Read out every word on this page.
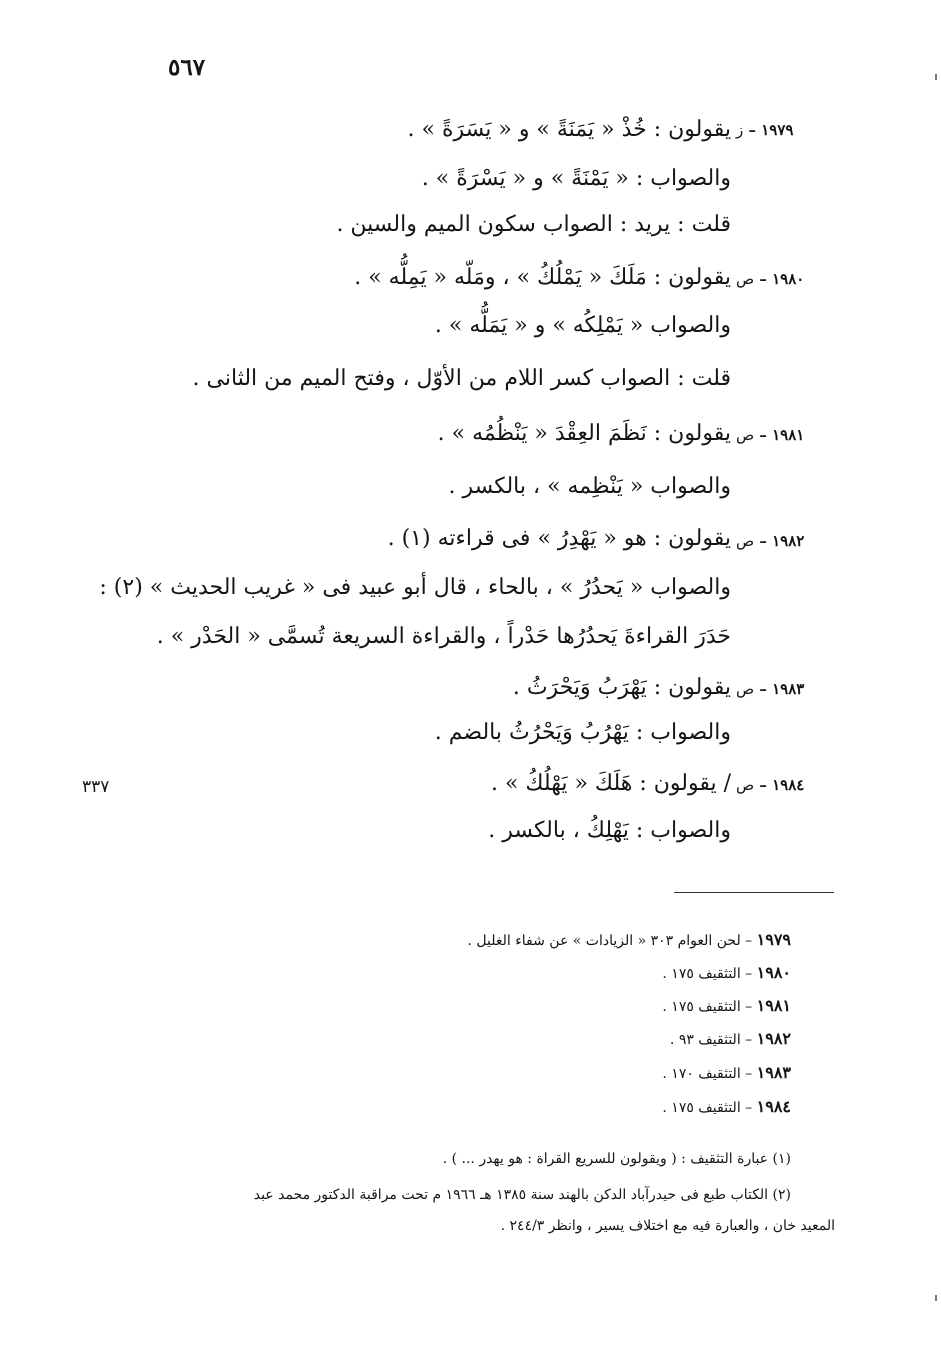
٥٦٧
٣٣٧
١٩٧٩ – ز
يقولون : خُذْ « يَمَنَةً » و « يَسَرَةً » .
والصواب : « يَمْنَةً » و « يَسْرَةً » .
قلت : يريد : الصواب سكون الميم والسين .
١٩٨٠ – ص
يقولون : مَلَكَ « يَمْلُكُ » ، ومَلّه « يَمِلُّه » .
والصواب « يَمْلِكُه » و « يَمَلُّه » .
قلت : الصواب كسر اللام من الأوّل ، وفتح الميم من الثانى .
١٩٨١ – ص
يقولون : نَظَمَ العِقْدَ « يَنْظُمُه » .
والصواب « يَنْظِمه » ، بالكسر .
١٩٨٢ – ص
يقولون : هو « يَهْدِرُ » فى قراءته (١) .
والصواب « يَحدُرُ » ، بالحاء ، قال أبو عبيد فى « غريب الحديث » (٢) :
حَدَرَ القراءةَ يَحدُرُها حَدْراً ، والقراءة السريعة تُسمَّى « الحَدْر » .
١٩٨٣ – ص
يقولون : يَهْرَبُ وَيَحْرَثُ .
والصواب : يَهْرُبُ وَيَحْرُثُ بالضم .
١٩٨٤ – ص
/ يقولون : هَلَكَ « يَهْلُكُ » .
والصواب : يَهْلِكُ ، بالكسر .
١٩٧٩ – لحن العوام ٣٠٣ « الزيادات » عن شفاء الغليل .
١٩٨٠ – التثقيف ١٧٥ .
١٩٨١ – التثقيف ١٧٥ .
١٩٨٢ – التثقيف ٩٣ .
١٩٨٣ – التثقيف ١٧٠ .
١٩٨٤ – التثقيف ١٧٥ .
(١) عبارة التثقيف : ( ويقولون للسريع القراة : هو يهدر ... ) .
(٢) الكتاب طبع فى حيدرآباد الدكن بالهند سنة ١٣٨٥ هـ ١٩٦٦ م تحت مراقبة الدكتور محمد عبد
المعيد خان ، والعبارة فيه مع اختلاف يسير ، وانظر ٢٤٤/٣ .
